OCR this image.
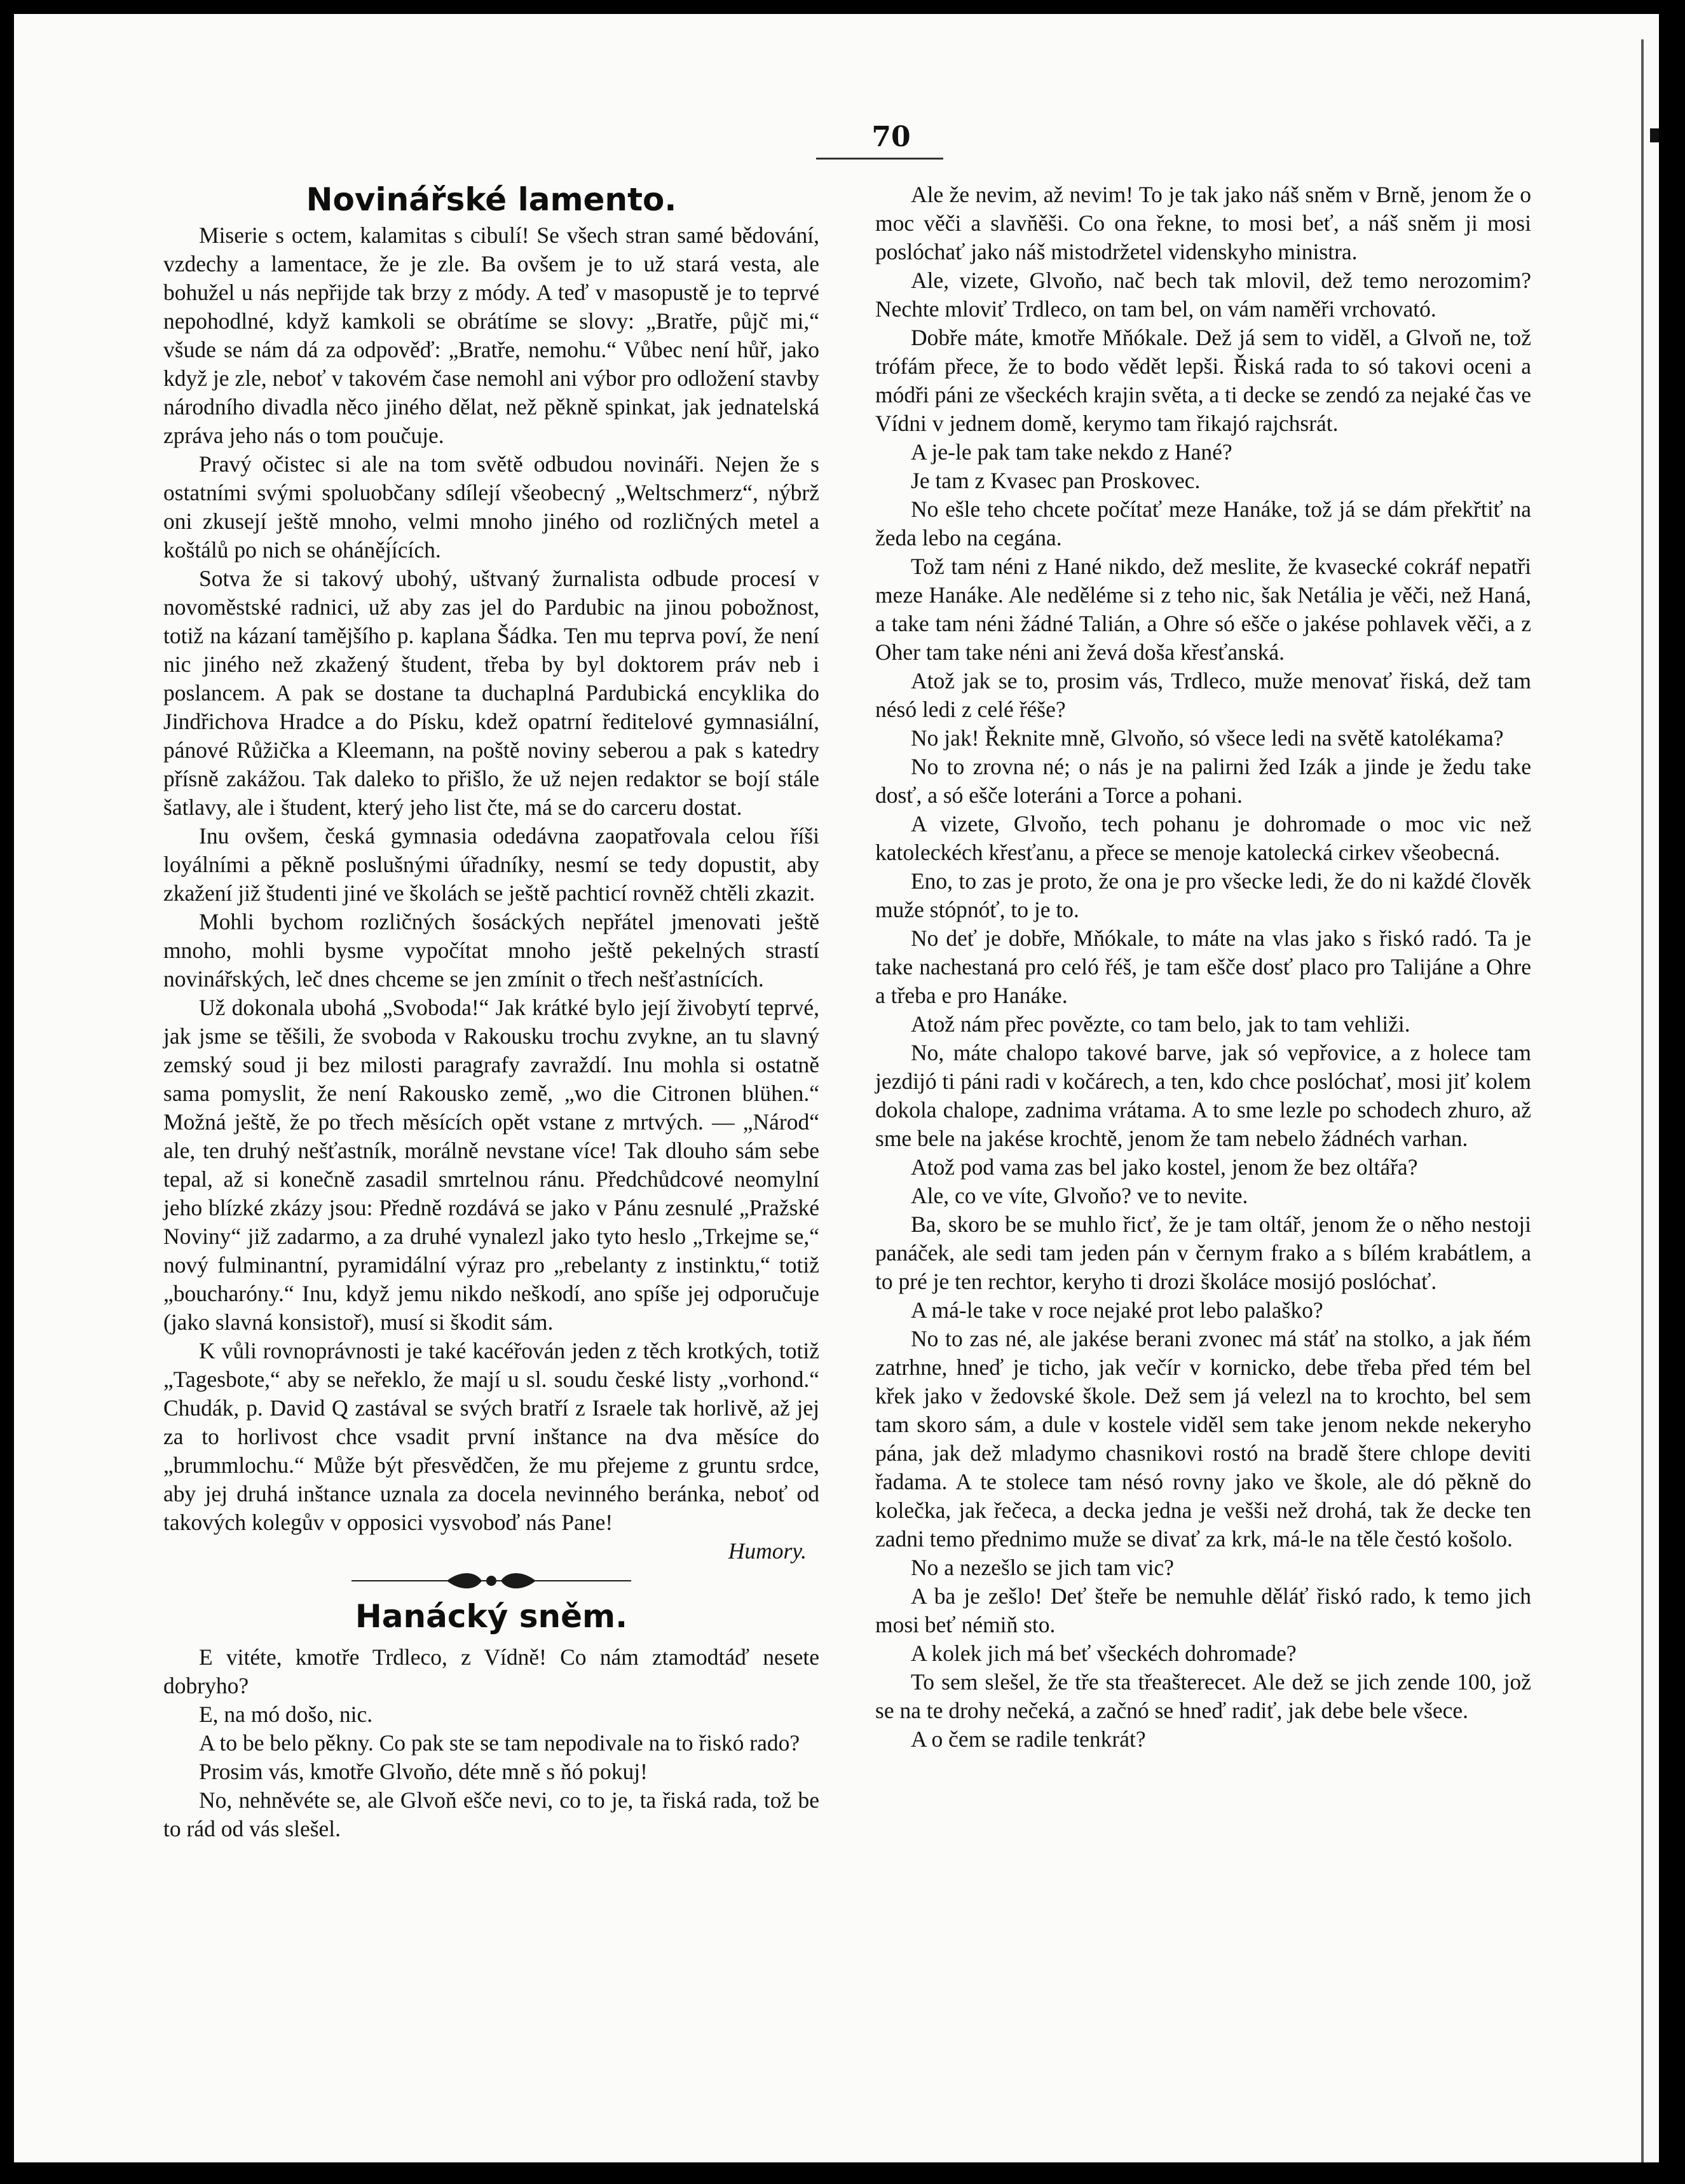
70
Novinářské lamento.

Miserie s octem, kalamitas s cibulí! Se všech stran samé bědování, vzdechy a lamentace, že je zle. Ba ovšem je to už stará vesta, ale bohužel u nás nepřijde tak brzy z módy. A teď v masopustě je to teprvé nepohodlné, když kamkoli se obrátíme se slovy: „Bratře, půjč mi,“ všude se nám dá za odpověď: „Bratře, nemohu.“ Vůbec není hůř, jako když je zle, neboť v takovém čase nemohl ani výbor pro odložení stavby národního divadla něco jiného dělat, než pěkně spinkat, jak jednatelská zpráva jeho nás o tom poučuje.

Pravý očistec si ale na tom světě odbudou novináři. Nejen že s ostatními svými spoluobčany sdílejí všeobecný „Weltschmerz“, nýbrž oni zkusejí ještě mnoho, velmi mnoho jiného od rozličných metel a koštálů po nich se oháněj́ících.

Sotva že si takový ubohý, uštvaný žurnalista odbude procesí v novoměstské radnici, už aby zas jel do Pardubic na jinou pobožnost, totiž na kázaní tamějšího p. kaplana Šádka. Ten mu teprva poví, že není nic jiného než zkažený študent, třeba by byl doktorem práv neb i poslancem. A pak se dostane ta duchaplná Pardubická encyklika do Jindřichova Hradce a do Písku, kdež opatrní ředitelové gymnasiální, pánové Růžička a Kleemann, na poště noviny seberou a pak s katedry přísně zakážou. Tak daleko to přišlo, že už nejen redaktor se bojí stále šatlavy, ale i študent, který jeho list čte, má se do carceru dostat.

Inu ovšem, česká gymnasia odedávna zaopatřovala celou říši loyálními a pěkně poslušnými úřadníky, nesmí se tedy dopustit, aby zkažení již študenti jiné ve školách se ještě pachticí rovněž chtěli zkazit.

Mohli bychom rozličných šosáckých nepřátel jmenovati ještě mnoho, mohli bysme vypočítat mnoho ještě pekelných strastí novinářských, leč dnes chceme se jen zmínit o třech nešťastnících.

Už dokonala ubohá „Svoboda!“ Jak krátké bylo její živobytí teprvé, jak jsme se těšili, že svoboda v Rakousku trochu zvykne, an tu slavný zemský soud ji bez milosti paragrafy zavraždí. Inu mohla si ostatně sama pomyslit, že není Rakousko země, „wo die Citronen blühen.“ Možná ještě, že po třech měsících opět vstane z mrtvých. — „Národ“ ale, ten druhý nešťastník, morálně nevstane více! Tak dlouho sám sebe tepal, až si konečně zasadil smrtelnou ránu. Předchůdcové neomylní jeho blízké zkázy jsou: Předně rozdává se jako v Pánu zesnulé „Pražské Noviny“ již zadarmo, a za druhé vynalezl jako tyto heslo „Trkejme se,“ nový fulminantní, pyramidální výraz pro „rebelanty z instinktu,“ totiž „boucharóny.“ Inu, když jemu nikdo neškodí, ano spíše jej odporučuje (jako slavná konsistoř), musí si škodit sám.

K vůli rovnoprávnosti je také kacéřován jeden z těch krotkých, totiž „Tagesbote,“ aby se neřeklo, že mají u sl. soudu české listy „vorhond.“ Chudák, p. David Q zastával se svých bratří z Israele tak horlivě, až jej za to horlivost chce vsadit první inštance na dva měsíce do „brummlochu.“ Může být přesvědčen, že mu přejeme z gruntu srdce, aby jej druhá inštance uznala za docela nevinného beránka, neboť od takových kolegův v opposici vysvoboď nás Pane!

Humory.
Hanácký sněm.

E vitéte, kmotře Trdleco, z Vídně! Co nám ztamodtáď nesete dobryho?

E, na mó došo, nic.

A to be belo pěkny. Co pak ste se tam nepodivale na to řiskó rado?

Prosim vás, kmotře Glvoňo, déte mně s ňó pokuj!

No, nehněvéte se, ale Glvoň ešče nevi, co to je, ta řiská rada, tož be to rád od vás slešel.

Ale že nevim, až nevim! To je tak jako náš sněm v Brně, jenom že o moc věči a slavňěši. Co ona řekne, to mosi beť, a náš sněm ji mosi poslóchať jako náš mistodržetel videnskyho ministra.

Ale, vizete, Glvoňo, nač bech tak mlovil, dež temo nerozomim? Nechte mloviť Trdleco, on tam bel, on vám naměři vrchovató.

Dobře máte, kmotře Mňókale. Dež já sem to viděl, a Glvoň ne, tož trófám přece, že to bodo vědět lepši. Řiská rada to só takovi oceni a módři páni ze všeckéch krajin světa, a ti decke se zendó za nejaké čas ve Vídni v jednem domě, kerymo tam řikajó rajchsrát.

A je-le pak tam take nekdo z Hané?

Je tam z Kvasec pan Proskovec.

No ešle teho chcete počítať meze Hanáke, tož já se dám překřtiť na žeda lebo na cegána.

Tož tam néni z Hané nikdo, dež meslite, že kvasecké cokráf nepatři meze Hanáke. Ale neděléme si z teho nic, šak Netália je věči, než Haná, a take tam néni žádné Talián, a Ohre só ešče o jakése pohlavek věči, a z Oher tam take néni ani ževá doša křesťanská.

Atož jak se to, prosim vás, Trdleco, muže menovať řiská, dež tam nésó ledi z celé řéše?

No jak! Řeknite mně, Glvoňo, só všece ledi na světě katolékama?

No to zrovna né; o nás je na palirni žed Izák a jinde je žedu take dosť, a só ešče loteráni a Torce a pohani.

A vizete, Glvoňo, tech pohanu je dohromade o moc vic než katoleckéch křesťanu, a přece se menoje katolecká cirkev všeobecná.

Eno, to zas je proto, že ona je pro všecke ledi, že do ni každé člověk muže stópnóť, to je to.

No deť je dobře, Mňókale, to máte na vlas jako s řiskó radó. Ta je take nachestaná pro celó řéš, je tam ešče dosť placo pro Talijáne a Ohre a třeba e pro Hanáke.

Atož nám přec povězte, co tam belo, jak to tam vehliži.

No, máte chalopo takové barve, jak só vepřovice, a z holece tam jezdijó ti páni radi v kočárech, a ten, kdo chce poslóchať, mosi jiť kolem dokola chalope, zadnima vrátama. A to sme lezle po schodech zhuro, až sme bele na jakése krochtě, jenom že tam nebelo žádnéch varhan.

Atož pod vama zas bel jako kostel, jenom že bez oltářa?

Ale, co ve víte, Glvoňo? ve to nevite.

Ba, skoro be se muhlo řicť, že je tam oltář, jenom že o něho nestoji panáček, ale sedi tam jeden pán v černym frako a s bílém krabátlem, a to pré je ten rechtor, keryho ti drozi školáce mosijó poslóchať.

A má-le take v roce nejaké prot lebo palaško?

No to zas né, ale jakése berani zvonec má stáť na stolko, a jak ňém zatrhne, hneď je ticho, jak večír v kornicko, debe třeba před tém bel křek jako v žedovské škole. Dež sem já velezl na to krochto, bel sem tam skoro sám, a dule v kostele viděl sem take jenom nekde nekeryho pána, jak dež mladymo chasnikovi rostó na bradě štere chlope deviti řadama. A te stolece tam nésó rovny jako ve škole, ale dó pěkně do kolečka, jak řečeca, a decka jedna je vešši než drohá, tak že decke ten zadni temo přednimo muže se divať za krk, má-le na těle čestó košolo.

No a nezešlo se jich tam vic?

A ba je zešlo! Deť šteře be nemuhle děláť řiskó rado, k temo jich mosi beť némiň sto.

A kolek jich má beť všeckéch dohromade?

To sem slešel, že tře sta třeašterecet. Ale dež se jich zende 100, jož se na te drohy nečeká, a začnó se hneď radiť, jak debe bele všece.

A o čem se radile tenkrát?
